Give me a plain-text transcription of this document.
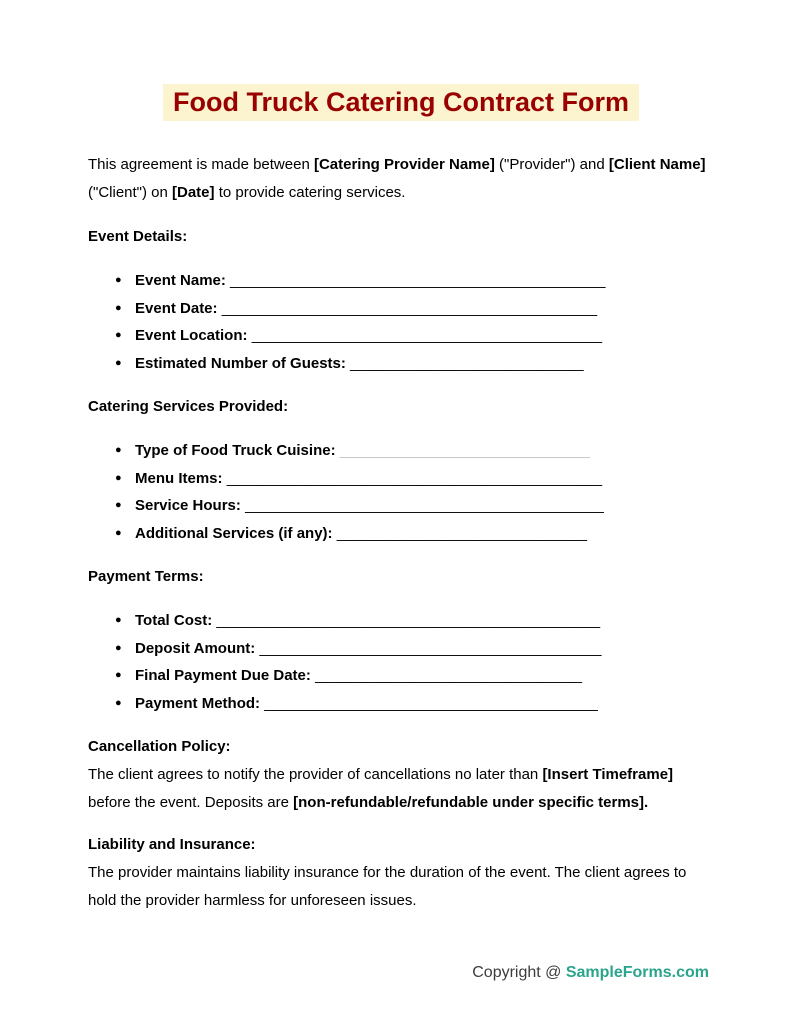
Food Truck Catering Contract Form

This agreement is made between [Catering Provider Name] ("Provider") and [Client Name] ("Client") on [Date] to provide catering services.

Event Details:
● Event Name: _____________________________________________
● Event Date: _____________________________________________
● Event Location: __________________________________________
● Estimated Number of Guests: ____________________________
Catering Services Provided:
● Type of Food Truck Cuisine: ______________________________
● Menu Items: _____________________________________________
● Service Hours: ___________________________________________
● Additional Services (if any): ______________________________
Payment Terms:
● Total Cost: ______________________________________________
● Deposit Amount: _________________________________________
● Final Payment Due Date: ________________________________
● Payment Method: ________________________________________
Cancellation Policy:

The client agrees to notify the provider of cancellations no later than [Insert Timeframe] before the event. Deposits are [non-refundable/refundable under specific terms].

Liability and Insurance:

The provider maintains liability insurance for the duration of the event. The client agrees to hold the provider harmless for unforeseen issues.

Copyright @ SampleForms.com
